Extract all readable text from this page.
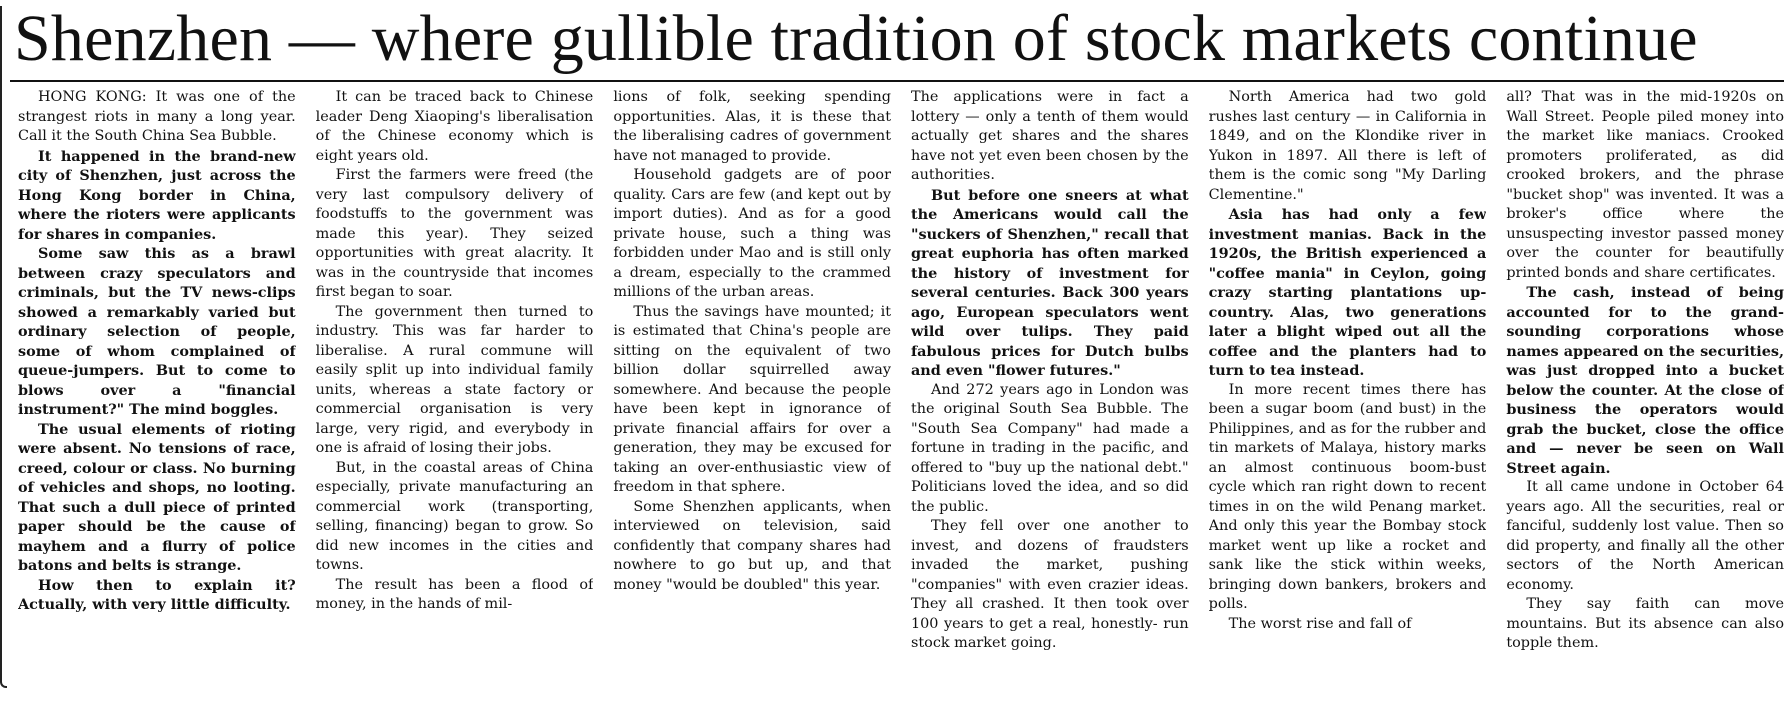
Shenzhen — where gullible tradition of stock markets continue

HONG KONG: It was one of the strangest riots in many a long year. Call it the South China Sea Bubble.

It happened in the brand-new city of Shenzhen, just across the Hong Kong border in China, where the rioters were applicants for shares in companies.

Some saw this as a brawl between crazy speculators and criminals, but the TV news-clips showed a remarkably varied but ordinary selection of people, some of whom complained of queue-jumpers. But to come to blows over a "financial instrument?" The mind boggles.

The usual elements of rioting were absent. No tensions of race, creed, colour or class. No burning of vehicles and shops, no looting. That such a dull piece of printed paper should be the cause of mayhem and a flurry of police batons and belts is strange.

How then to explain it? Actually, with very little difficulty.

It can be traced back to Chinese leader Deng Xiaoping's liberalisation of the Chinese economy which is eight years old.

First the farmers were freed (the very last compulsory delivery of foodstuffs to the government was made this year). They seized opportunities with great alacrity. It was in the countryside that incomes first began to soar.

The government then turned to industry. This was far harder to liberalise. A rural commune will easily split up into individual family units, whereas a state factory or commercial organisation is very large, very rigid, and everybody in one is afraid of losing their jobs.

But, in the coastal areas of China especially, private manufacturing an commercial work (transporting, selling, financing) began to grow. So did new incomes in the cities and towns.

The result has been a flood of money, in the hands of mil-

lions of folk, seeking spending opportunities. Alas, it is these that the liberalising cadres of government have not managed to provide.

Household gadgets are of poor quality. Cars are few (and kept out by import duties). And as for a good private house, such a thing was forbidden under Mao and is still only a dream, especially to the crammed millions of the urban areas.

Thus the savings have mounted; it is estimated that China's people are sitting on the equivalent of two billion dollar squirrelled away somewhere. And because the people have been kept in ignorance of private financial affairs for over a generation, they may be excused for taking an over-enthusiastic view of freedom in that sphere.

Some Shenzhen applicants, when interviewed on television, said confidently that company shares had nowhere to go but up, and that money "would be doubled" this year.

The applications were in fact a lottery — only a tenth of them would actually get shares and the shares have not yet even been chosen by the authorities.

But before one sneers at what the Americans would call the "suckers of Shenzhen," recall that great euphoria has often marked the history of investment for several centuries. Back 300 years ago, European speculators went wild over tulips. They paid fabulous prices for Dutch bulbs and even "flower futures."

And 272 years ago in London was the original South Sea Bubble. The "South Sea Company" had made a fortune in trading in the pacific, and offered to "buy up the national debt." Politicians loved the idea, and so did the public.

They fell over one another to invest, and dozens of fraudsters invaded the market, pushing "companies" with even crazier ideas. They all crashed. It then took over 100 years to get a real, honestly- run stock market going.

North America had two gold rushes last century — in California in 1849, and on the Klondike river in Yukon in 1897. All there is left of them is the comic song "My Darling Clementine."

Asia has had only a few investment manias. Back in the 1920s, the British experienced a "coffee mania" in Ceylon, going crazy starting plantations up-country. Alas, two generations later a blight wiped out all the coffee and the planters had to turn to tea instead.

In more recent times there has been a sugar boom (and bust) in the Philippines, and as for the rubber and tin markets of Malaya, history marks an almost continuous boom-bust cycle which ran right down to recent times in on the wild Penang market. And only this year the Bombay stock market went up like a rocket and sank like the stick within weeks, bringing down bankers, brokers and polls.

The worst rise and fall of

all? That was in the mid-1920s on Wall Street. People piled money into the market like maniacs. Crooked promoters proliferated, as did crooked brokers, and the phrase "bucket shop" was invented. It was a broker's office where the unsuspecting investor passed money over the counter for beautifully printed bonds and share certificates.

The cash, instead of being accounted for to the grand-sounding corporations whose names appeared on the securities, was just dropped into a bucket below the counter. At the close of business the operators would grab the bucket, close the office and — never be seen on Wall Street again.

It all came undone in October 64 years ago. All the securities, real or fanciful, suddenly lost value. Then so did property, and finally all the other sectors of the North American economy.

They say faith can move mountains. But its absence can also topple them.
